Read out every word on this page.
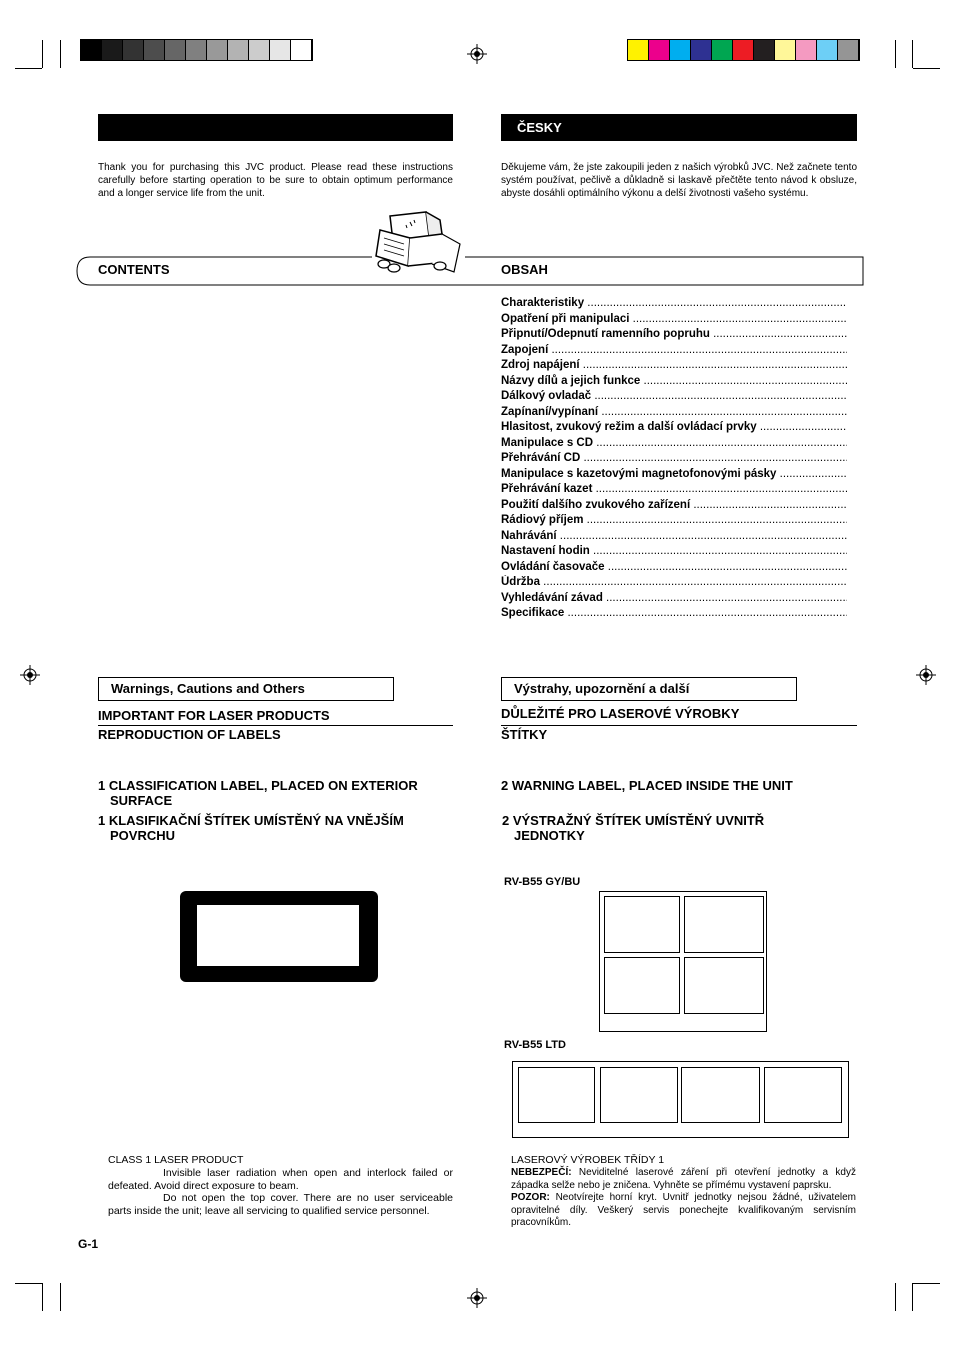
ČESKY
Thank you for purchasing this JVC product. Please read these instructions carefully before starting operation to be sure to obtain optimum performance and a longer service life from the unit.
Děkujeme vám, že jste zakoupili jeden z našich výrobků JVC. Než začnete tento systém používat, pečlivě a důkladně si laskavě přečtěte tento návod k obsluze, abyste dosáhli optimálního výkonu a delší životnosti vašeho systému.
CONTENTS	OBSAH
Charakteristiky .....
Opatření při manipulaci .....
Připnutí/Odepnutí ramenního popruhu .....
Zapojení .....
Zdroj napájení .....
Názvy dílů a jejich funkce .....
Dálkový ovladač .....
Zapínaní/vypínaní .....
Hlasitost, zvukový režim a další ovládací prvky .....
Manipulace s CD .....
Přehrávání CD .....
Manipulace s kazetovými magnetofonovými pásky .....
Přehrávání kazet .....
Použití dalšího zvukového zařízení .....
Rádiový příjem .....
Nahrávání .....
Nastavení hodin .....
Ovládání časovače .....
Údržba .....
Vyhledávání závad .....
Specifikace .....
Warnings, Cautions and Others	Výstrahy, upozornění a další
IMPORTANT FOR LASER PRODUCTS
REPRODUCTION OF LABELS
DŮLEŽITÉ PRO LASEROVÉ VÝROBKY
ŠTÍTKY
1 CLASSIFICATION LABEL, PLACED ON EXTERIOR SURFACE
1 KLASIFIKAČNÍ ŠTÍTEK UMÍSTĚNÝ NA VNĚJŠÍM POVRCHU
2 WARNING LABEL, PLACED INSIDE THE UNIT
2 VÝSTRAŽNÝ ŠTÍTEK UMÍSTĚNÝ UVNITŘ JEDNOTKY
RV-B55 GY/BU
RV-B55 LTD
CLASS 1 LASER PRODUCT
Invisible laser radiation when open and interlock failed or defeated. Avoid direct exposure to beam.
Do not open the top cover. There are no user serviceable parts inside the unit; leave all servicing to qualified service personnel.
LASEROVÝ VÝROBEK TŘÍDY 1
NEBEZPEČÍ: Neviditelné laserové záření při otevření jednotky a když západka selže nebo je zničena. Vyhněte se přímému vystavení paprsku.
POZOR: Neotvírejte horní kryt. Uvnitř jednotky nejsou žádné, uživatelem opravitelné díly. Veškerý servis ponechejte kvalifikovaným servisním pracovníkům.
G-1
